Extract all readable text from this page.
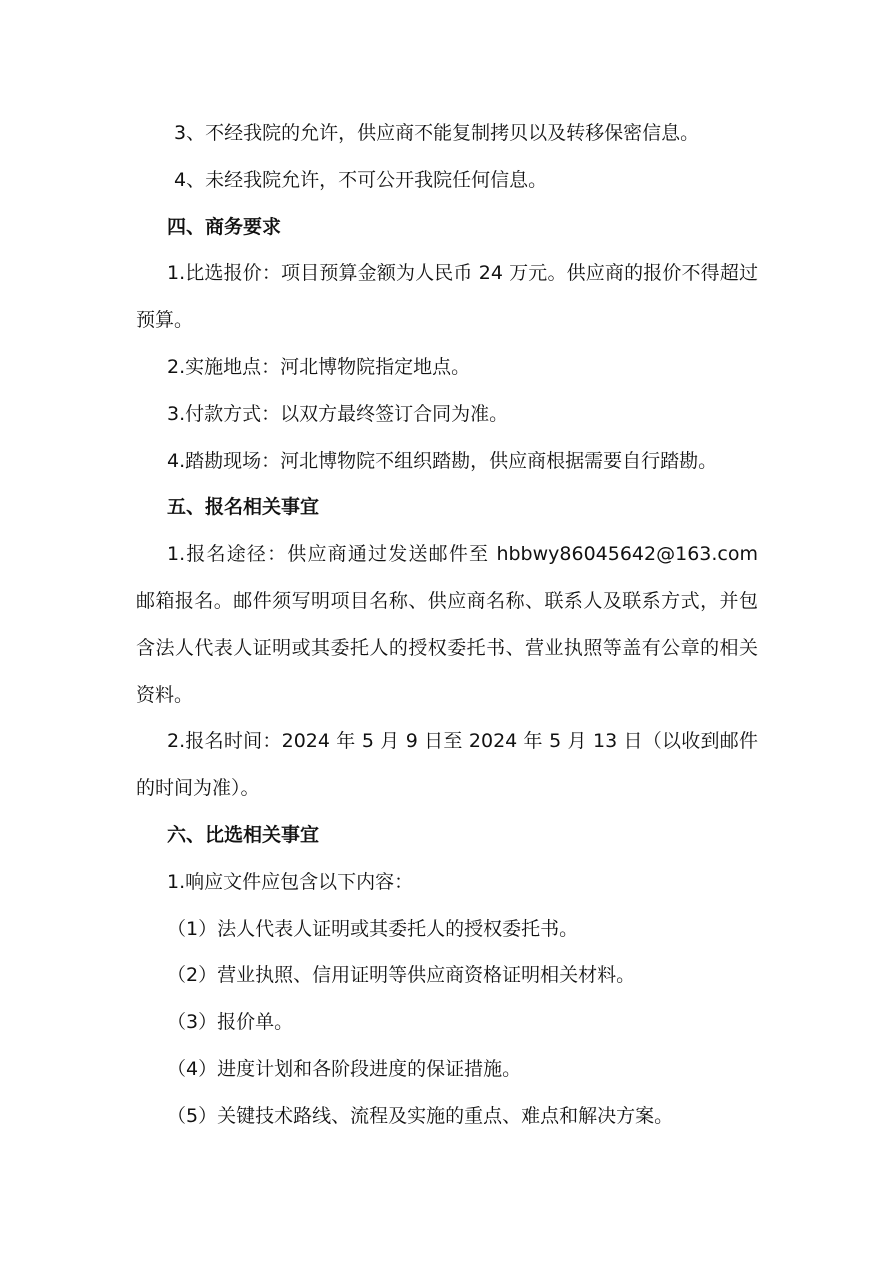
3、不经我院的允许，供应商不能复制拷贝以及转移保密信息。

4、未经我院允许，不可公开我院任何信息。

四、商务要求

1.比选报价：项目预算金额为人民币 24 万元。供应商的报价不得超过预算。

2.实施地点：河北博物院指定地点。

3.付款方式：以双方最终签订合同为准。

4.踏勘现场：河北博物院不组织踏勘，供应商根据需要自行踏勘。

五、报名相关事宜

1.报名途径：供应商通过发送邮件至 hbbwy86045642@163.com 邮箱报名。邮件须写明项目名称、供应商名称、联系人及联系方式，并包含法人代表人证明或其委托人的授权委托书、营业执照等盖有公章的相关资料。

2.报名时间：2024 年 5 月 9 日至 2024 年 5 月 13 日（以收到邮件的时间为准）。

六、比选相关事宜

1.响应文件应包含以下内容：

（1）法人代表人证明或其委托人的授权委托书。

（2）营业执照、信用证明等供应商资格证明相关材料。

（3）报价单。

（4）进度计划和各阶段进度的保证措施。

（5）关键技术路线、流程及实施的重点、难点和解决方案。
